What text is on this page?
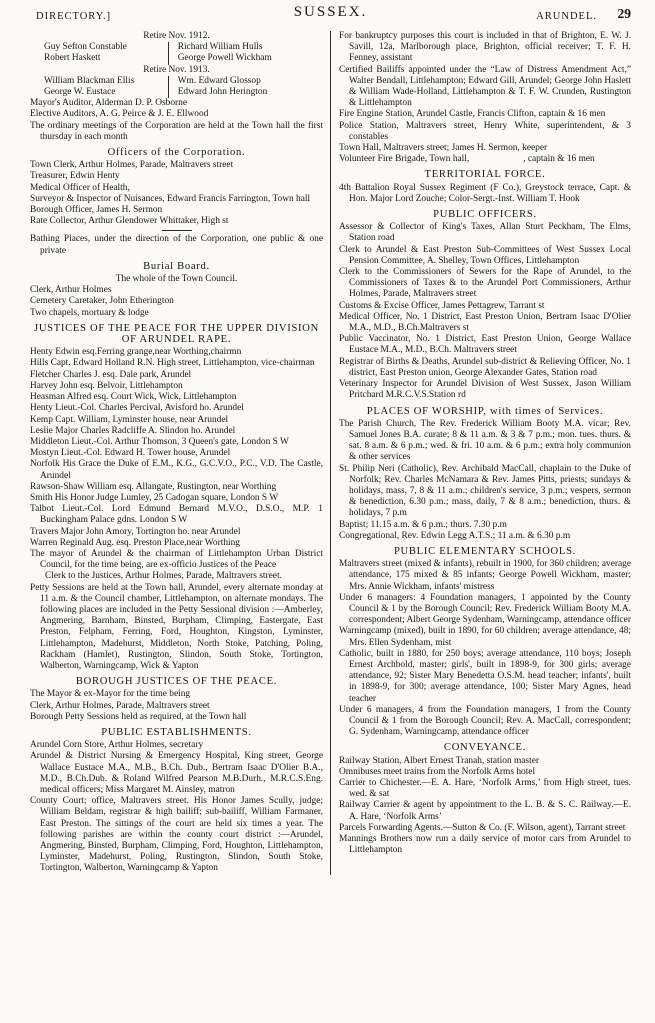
DIRECTORY.]	SUSSEX.	ARUNDEL. 29

Retire Nov. 1912.

Guy Sefton Constable	Richard William Hulls
Robert Haskett	George Powell Wickham

Retire Nov. 1913.

William Blackman Ellis	Wm. Edward Glossop
George W. Eustace	Edward John Herington

Mayor's Auditor, Alderman D. P. Osborne

Elective Auditors, A. G. Peirce & J. E. Ellwood

The ordinary meetings of the Corporation are held at the Town hall the first thursday in each month

Officers of the Corporation.

Town Clerk, Arthur Holmes, Parade, Maltravers street

Treasurer, Edwin Henty

Medical Officer of Health,

Surveyor & Inspector of Nuisances, Edward Francis Farrington, Town hall

Borough Officer, James H. Sermon

Rate Collector, Arthur Glendower Whittaker, High st

Bathing Places, under the direction of the Corporation, one public & one private

Burial Board.

The whole of the Town Council.

Clerk, Arthur Holmes

Cemetery Caretaker, John Etherington

Two chapels, mortuary & lodge

JUSTICES OF THE PEACE FOR THE UPPER DIVISION OF ARUNDEL RAPE.

Henty Edwin esq.Ferring grange,near Worthing,chairmn

Hills Capt. Edward Holland R.N. High street, Littlehampton, vice-chairman

Fletcher Charles J. esq. Dale park, Arundel

Harvey John esq. Belvoir, Littlehampton

Heasman Alfred esq. Court Wick, Wick, Littlehampton

Henty Lieut.-Col. Charles Percival, Avisford ho. Arundel

Kemp Capt. William, Lyminster house, near Arundel

Leslie Major Charles Radcliffe A. Slindon ho. Arundel

Middleton Lieut.-Col. Arthur Thomson, 3 Queen's gate, London S W

Mostyn Lieut.-Col. Edward H. Tower house, Arundel

Norfolk His Grace the Duke of E.M., K.G., G.C.V.O., P.C., V.D. The Castle, Arundel

Rawson-Shaw William esq. Allangate, Rustington, near Worthing

Smith His Honor Judge Lumley, 25 Cadogan square, London S W

Talbot Lieut.-Col. Lord Edmund Bernard M.V.O., D.S.O., M.P. 1 Buckingham Palace gdns. London S W

Travers Major John Amory, Tortington ho. near Arundel

Warren Reginald Aug. esq. Preston Place,near Worthing

The mayor of Arundel & the chairman of Littlehampton Urban District Council, for the time being, are ex-officio Justices of the Peace

Clerk to the Justices, Arthur Holmes, Parade, Maltravers street.

Petty Sessions are held at the Town hall, Arundel, every alternate monday at 11 a.m. & the Council chamber, Littlehampton, on alternate mondays. The following places are included in the Petty Sessional division :—Amberley, Angmering, Barnham, Binsted, Burpham, Climping, Eastergate, East Preston, Felpham, Ferring, Ford, Houghton, Kingston, Lyminster, Littlehampton, Madehurst, Middleton, North Stoke, Patching, Poling, Rackham (Hamlet), Rustington, Slindon, South Stoke, Tortington, Walberton, Warningcamp, Wick & Yapton

BOROUGH JUSTICES OF THE PEACE.

The Mayor & ex-Mayor for the time being

Clerk, Arthur Holmes, Parade, Maltravers street

Borough Petty Sessions held as required, at the Town hall

PUBLIC ESTABLISHMENTS.

Arundel Corn Store, Arthur Holmes, secretary

Arundel & District Nursing & Emergency Hospital, King street, George Wallace Eustace M.A., M.B., B.Ch. Dub., Bertram Isaac D'Olier B.A., M.D., B.Ch.Dub. & Roland Wilfred Pearson M.B.Durh., M.R.C.S.Eng. medical officers; Miss Margaret M. Ainsley, matron

County Court; office, Maltravers street. His Honor James Scully, judge; William Beldam, registrar & high bailiff; sub-bailiff, William Farmaner, East Preston. The sittings of the court are held six times a year. The following parishes are within the county court district :—Arundel, Angmering, Binsted, Burpham, Climping, Ford, Houghton, Littlehampton, Lyminster, Madehurst, Poling, Rustington, Slindon, South Stoke, Tortington, Walberton, Warningcamp & Yapton

For bankruptcy purposes this court is included in that of Brighton, E. W. J. Savill, 12a, Marlborough place, Brighton, official receiver; T. F. H. Fenney, assistant

Certified Bailiffs appointed under the “Law of Distress Amendment Act,” Walter Bendall, Littlehampton; Edward Gill, Arundel; George John Haslett & William Wade-Holland, Littlehampton & T. F. W. Crunden, Rustington & Littlehampton

Fire Engine Station, Arundel Castle, Francis Clifton, captain & 16 men

Police Station, Maltravers street, Henry White, superintendent, & 3 constables

Town Hall, Maltravers street; James H. Sermon, keeper

Volunteer Fire Brigade, Town hall,                       , captain & 16 men

TERRITORIAL FORCE.

4th Battalion Royal Sussex Regiment (F Co.), Greystock terrace, Capt. & Hon. Major Lord Zouche; Color-Sergt.-Inst. William T. Hook

PUBLIC OFFICERS.

Assessor & Collector of King's Taxes, Allan Sturt Peckham, The Elms, Station road

Clerk to Arundel & East Preston Sub-Committees of West Sussex Local Pension Committee, A. Shelley, Town Offices, Littlehampton

Clerk to the Commissioners of Sewers for the Rape of Arundel, to the Commissioners of Taxes & to the Arundel Port Commissioners, Arthur Holmes, Parade, Maltravers street

Customs & Excise Officer, James Pettagrew, Tarrant st

Medical Officer, No. 1 District, East Preston Union, Bertram Isaac D'Olier M.A., M.D., B.Ch.Maltravers st

Public Vaccinator, No. 1 District, East Preston Union, George Wallace Eustace M.A., M.D., B.Ch. Maltravers street

Registrar of Births & Deaths, Arundel sub-district & Relieving Officer, No. 1 district, East Preston union, George Alexander Gates, Station road

Veterinary Inspector for Arundel Division of West Sussex, Jason William Pritchard M.R.C.V.S.Station rd

PLACES OF WORSHIP, with times of Services.

The Parish Church, The Rev. Frederick William Booty M.A. vicar; Rev. Samuel Jones B.A. curate; 8 & 11 a.m. & 3 & 7 p.m.; mon. tues. thurs. & sat. 8 a.m. & 6 p.m.; wed. & fri. 10 a.m. & 6 p.m.; extra holy communion & other services

St. Philip Neri (Catholic), Rev. Archibald MacCall, chaplain to the Duke of Norfolk; Rev. Charles McNamara & Rev. James Pitts, priests; sundays & holidays, mass, 7, 8 & 11 a.m.; children's service, 3 p.m.; vespers, sermon & benediction, 6.30 p.m.; mass, daily, 7 & 8 a.m.; benediction, thurs. & holidays, 7 p.m

Baptist; 11.15 a.m. & 6 p.m.; thurs. 7.30 p.m

Congregational, Rev. Edwin Legg A.T.S.; 11 a.m. & 6.30 p.m

PUBLIC ELEMENTARY SCHOOLS.

Maltravers street (mixed & infants), rebuilt in 1900, for 360 children; average attendance, 175 mixed & 85 infants; George Powell Wickham, master; Mrs. Annie Wickham, infants' mistress

Under 6 managers: 4 Foundation managers, 1 appointed by the County Council & 1 by the Borough Council; Rev. Frederick William Booty M.A. correspondent; Albert George Sydenham, Warningcamp, attendance officer

Warningcamp (mixed), built in 1890, for 60 children; average attendance, 48; Mrs. Ellen Sydenham, mist

Catholic, built in 1880, for 250 boys; average attendance, 110 boys; Joseph Ernest Archbold, master; girls', built in 1898-9, for 300 girls; average attendance, 92; Sister Mary Benedetta O.S.M. head teacher; infants', built in 1898-9, for 300; average attendance, 100; Sister Mary Agnes, head teacher

Under 6 managers, 4 from the Foundation managers, 1 from the County Council & 1 from the Borough Council; Rev. A. MacCall, correspondent; G. Sydenham, Warningcamp, attendance officer

CONVEYANCE.

Railway Station, Albert Ernest Tranah, station master

Omnibuses meet trains from the Norfolk Arms hotel

Carrier to Chichester.—E. A. Hare, ‘Norfolk Arms,’ from High street, tues. wed. & sat

Railway Carrier & agent by appointment to the L. B. & S. C. Railway.—E. A. Hare, ‘Norfolk Arms’

Parcels Forwarding Agents.—Sutton & Co. (F. Wilson, agent), Tarrant street

Mannings Brothers now run a daily service of motor cars from Arundel to Littlehampton
